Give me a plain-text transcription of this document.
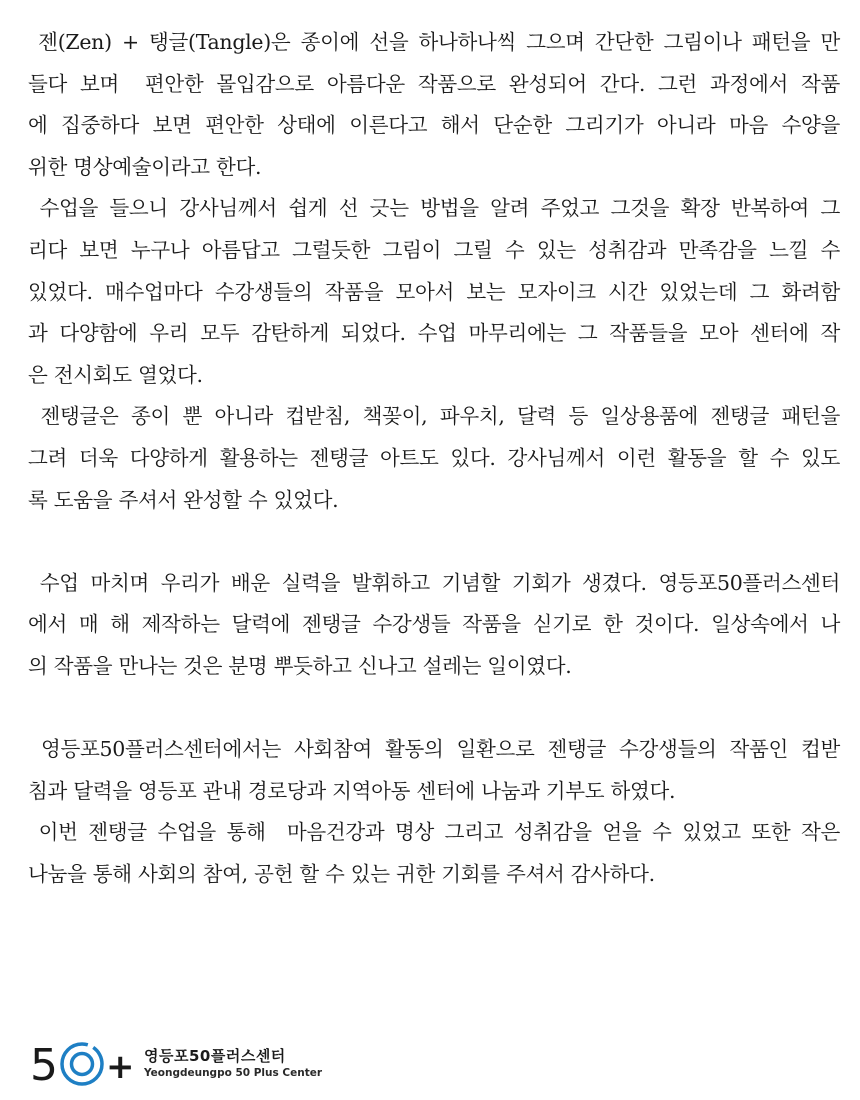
젠(Zen) + 탱글(Tangle)은 종이에 선을 하나하나씩 그으며 간단한 그림이나 패턴을 만
들다 보며  편안한 몰입감으로 아름다운 작품으로 완성되어 간다. 그런 과정에서 작품
에 집중하다 보면 편안한 상태에 이른다고 해서 단순한 그리기가 아니라 마음 수양을
위한 명상예술이라고 한다.
수업을 들으니 강사님께서 쉽게 선 긋는 방법을 알려 주었고 그것을 확장 반복하여 그
리다 보면 누구나 아름답고 그럴듯한 그림이 그릴 수 있는 성취감과 만족감을 느낄 수
있었다. 매수업마다 수강생들의 작품을 모아서 보는 모자이크 시간 있었는데 그 화려함
과 다양함에 우리 모두 감탄하게 되었다. 수업 마무리에는 그 작품들을 모아 센터에 작
은 전시회도 열었다.
젠탱글은 종이 뿐 아니라 컵받침, 책꽂이, 파우치, 달력 등 일상용품에 젠탱글 패턴을
그려 더욱 다양하게 활용하는 젠탱글 아트도 있다. 강사님께서 이런 활동을 할 수 있도
록 도움을 주셔서 완성할 수 있었다.
수업 마치며 우리가 배운 실력을 발휘하고 기념할 기회가 생겼다. 영등포50플러스센터
에서 매 해 제작하는 달력에 젠탱글 수강생들 작품을 싣기로 한 것이다. 일상속에서 나
의 작품을 만나는 것은 분명 뿌듯하고 신나고 설레는 일이였다.
영등포50플러스센터에서는 사회참여 활동의 일환으로 젠탱글 수강생들의 작품인 컵받
침과 달력을 영등포 관내 경로당과 지역아동 센터에 나눔과 기부도 하였다.
이번 젠탱글 수업을 통해  마음건강과 명상 그리고 성취감을 얻을 수 있었고 또한 작은
나눔을 통해 사회의 참여, 공헌 할 수 있는 귀한 기회를 주셔서 감사하다.
5 + 영등포50플러스센터
Yeongdeungpo 50 Plus Center
